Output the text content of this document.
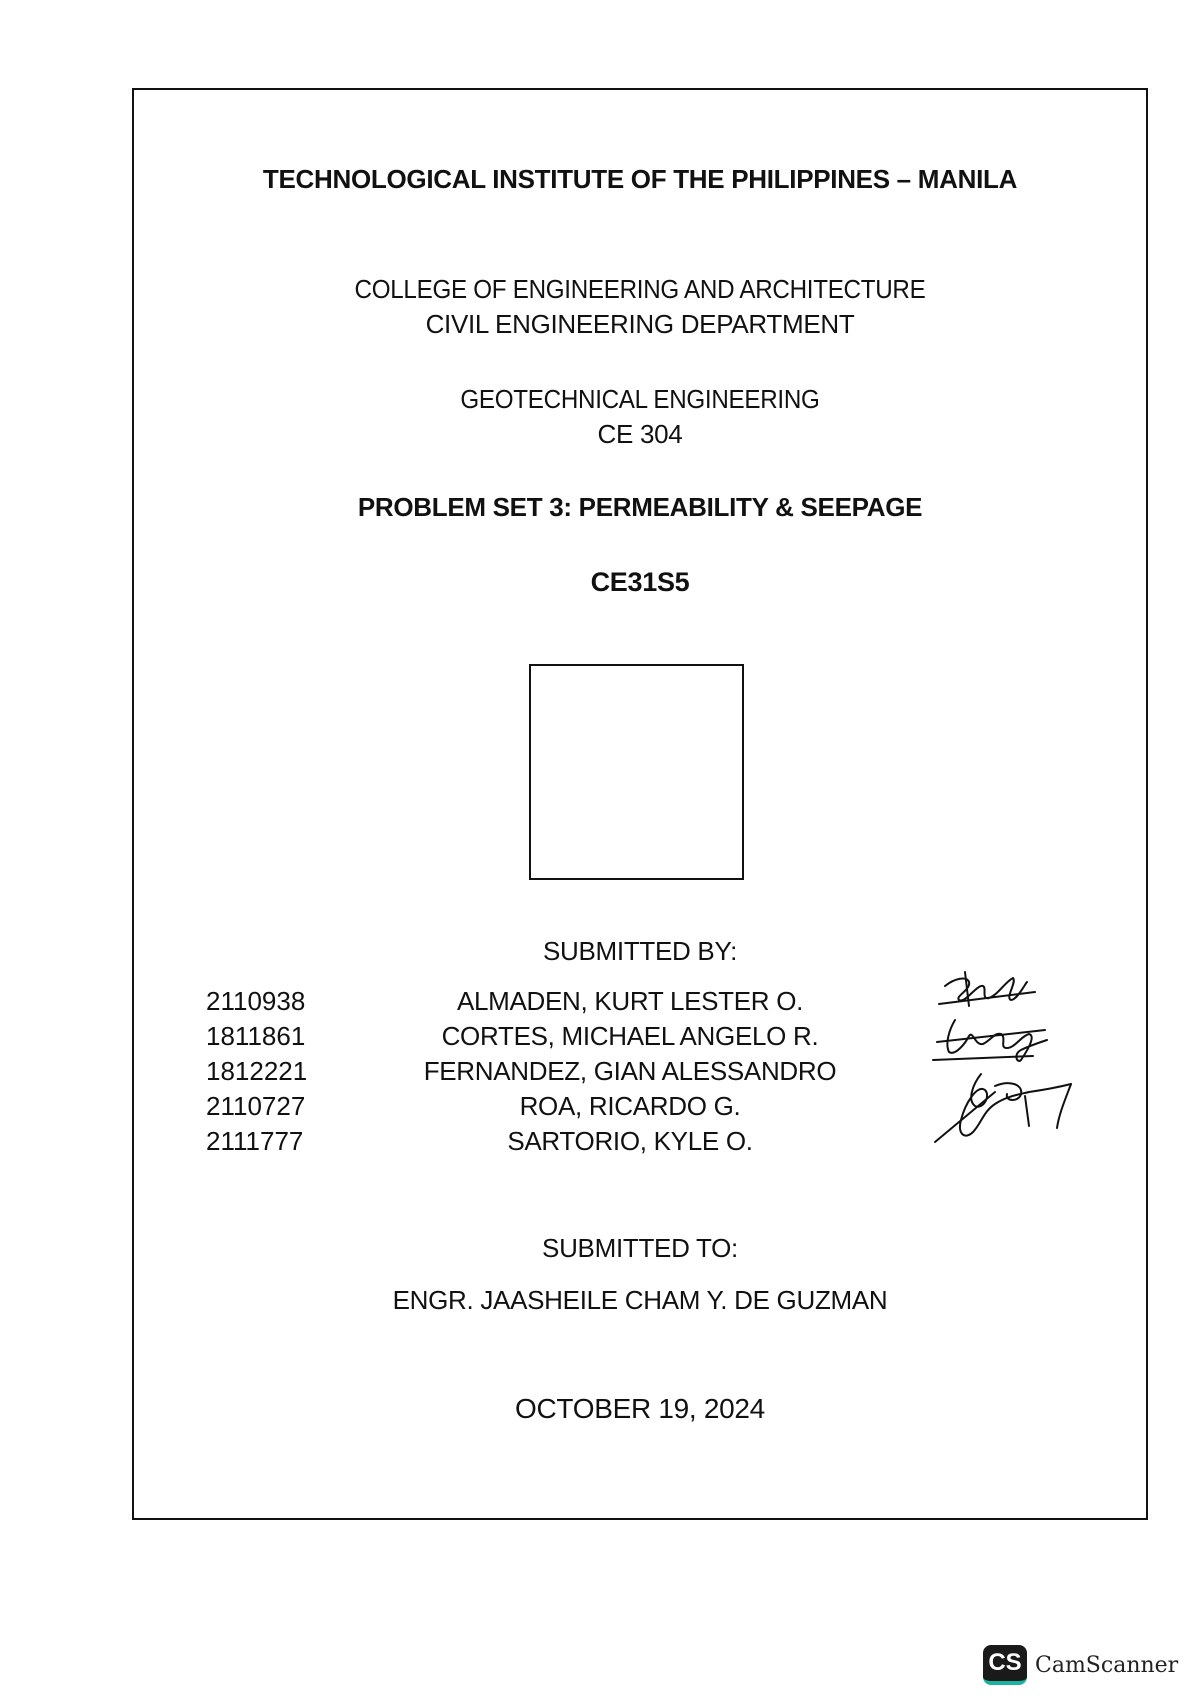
TECHNOLOGICAL INSTITUTE OF THE PHILIPPINES – MANILA
COLLEGE OF ENGINEERING AND ARCHITECTURE
CIVIL ENGINEERING DEPARTMENT
GEOTECHNICAL ENGINEERING
CE 304
PROBLEM SET 3: PERMEABILITY & SEEPAGE
CE31S5
SUBMITTED BY:
2110938	ALMADEN, KURT LESTER O.
1811861	CORTES, MICHAEL ANGELO R.
1812221	FERNANDEZ, GIAN ALESSANDRO
2110727	ROA, RICARDO G.
2111777	SARTORIO, KYLE O.
SUBMITTED TO:
ENGR. JAASHEILE CHAM Y. DE GUZMAN
OCTOBER 19, 2024
CS CamScanner
